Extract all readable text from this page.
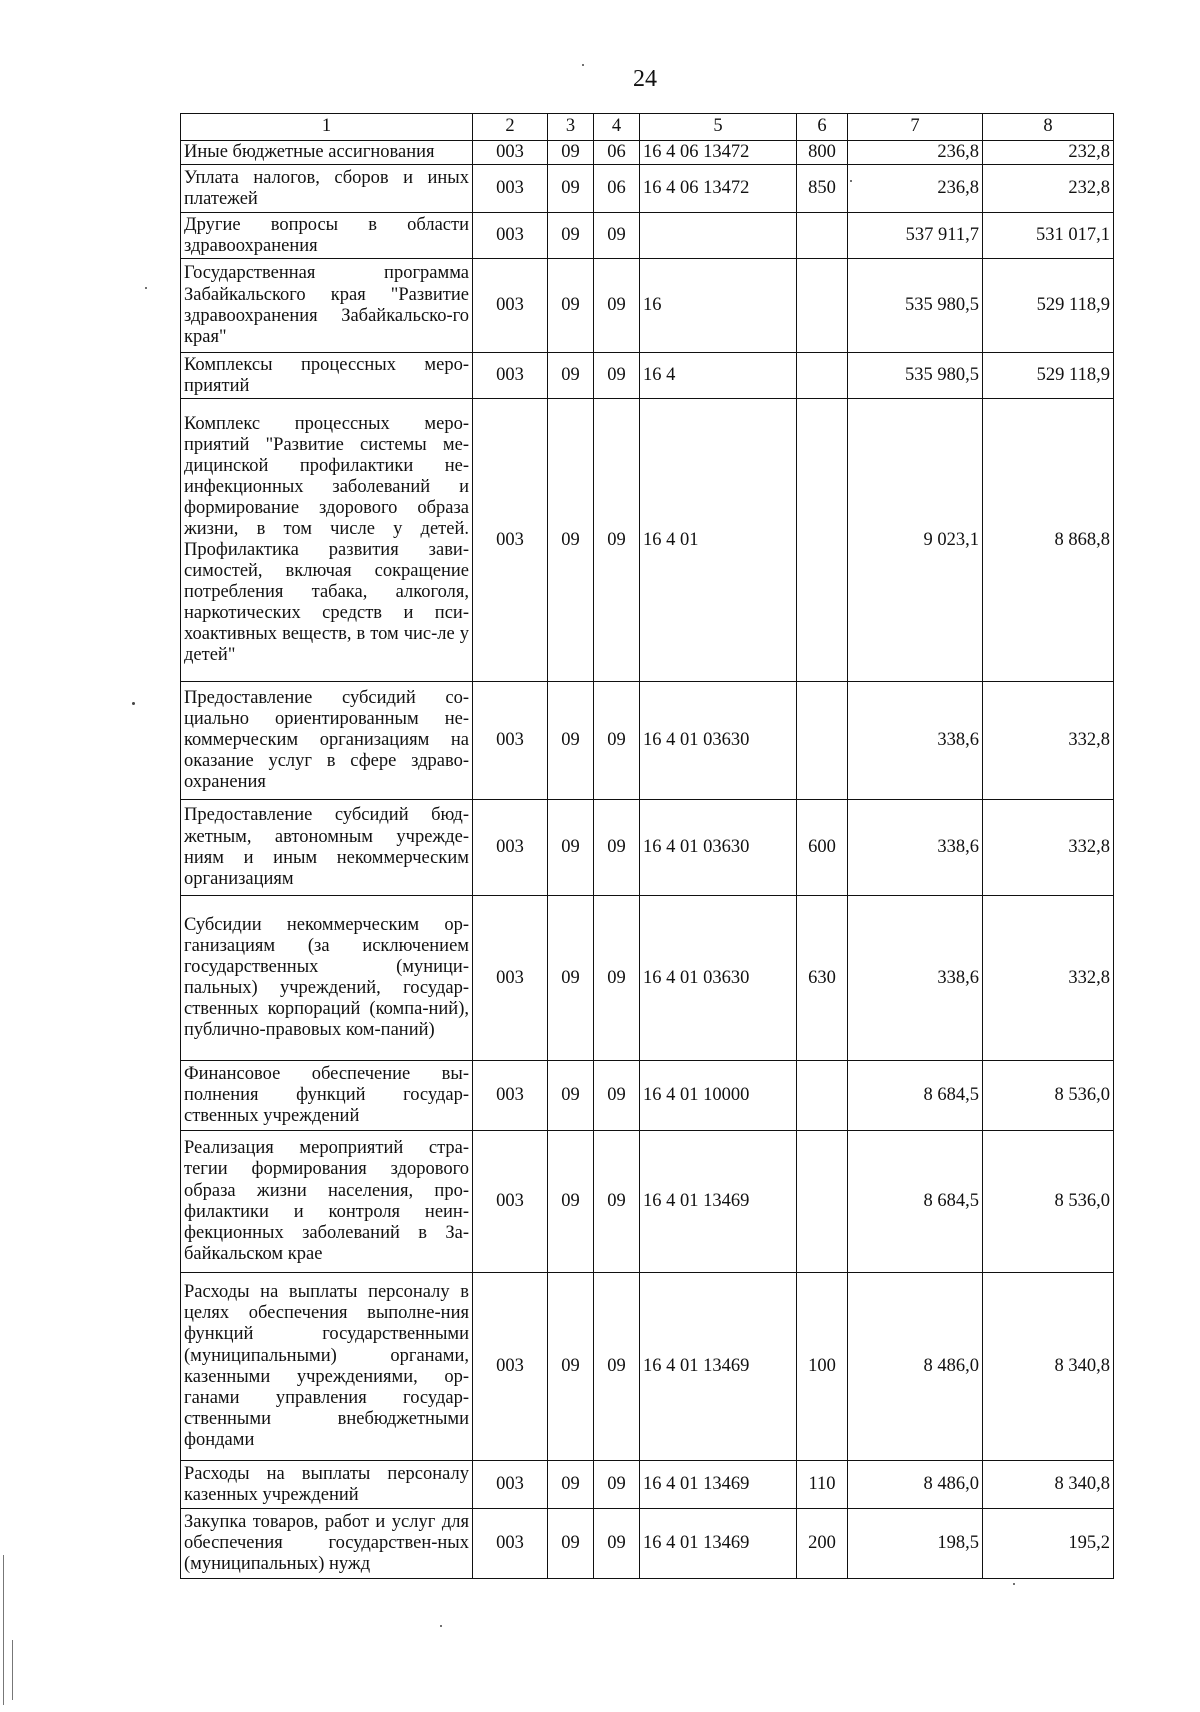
24
1	2	3	4	5	6	7	8
Иные бюджетные ассигнования	003	09	06	16 4 06 13472	800	236,8	232,8
Уплата налогов, сборов и иных платежей	003	09	06	16 4 06 13472	850	236,8	232,8
Другие вопросы в области здравоохранения	003	09	09			537 911,7	531 017,1
Государственная программа Забайкальского края "Развитие здравоохранения Забайкальско-го края"	003	09	09	16		535 980,5	529 118,9
Комплексы процессных меро-приятий	003	09	09	16 4		535 980,5	529 118,9
Комплекс процессных меро-приятий "Развитие системы ме-дицинской профилактики не-инфекционных заболеваний и формирование здорового образа жизни, в том числе у детей. Профилактика развития зави-симостей, включая сокращение потребления табака, алкоголя, наркотических средств и пси-хоактивных веществ, в том чис-ле у детей"	003	09	09	16 4 01		9 023,1	8 868,8
Предоставление субсидий со-циально ориентированным не-коммерческим организациям на оказание услуг в сфере здраво-охранения	003	09	09	16 4 01 03630		338,6	332,8
Предоставление субсидий бюд-жетным, автономным учрежде-ниям и иным некоммерческим организациям	003	09	09	16 4 01 03630	600	338,6	332,8
Субсидии некоммерческим ор-ганизациям (за исключением государственных (муници-пальных) учреждений, государ-ственных корпораций (компа-ний), публично-правовых ком-паний)	003	09	09	16 4 01 03630	630	338,6	332,8
Финансовое обеспечение вы-полнения функций государ-ственных учреждений	003	09	09	16 4 01 10000		8 684,5	8 536,0
Реализация мероприятий стра-тегии формирования здорового образа жизни населения, про-филактики и контроля неин-фекционных заболеваний в За-байкальском крае	003	09	09	16 4 01 13469		8 684,5	8 536,0
Расходы на выплаты персоналу в целях обеспечения выполне-ния функций государственными (муниципальными) органами, казенными учреждениями, ор-ганами управления государ-ственными внебюджетными фондами	003	09	09	16 4 01 13469	100	8 486,0	8 340,8
Расходы на выплаты персоналу казенных учреждений	003	09	09	16 4 01 13469	110	8 486,0	8 340,8
Закупка товаров, работ и услуг для обеспечения государствен-ных (муниципальных) нужд	003	09	09	16 4 01 13469	200	198,5	195,2
